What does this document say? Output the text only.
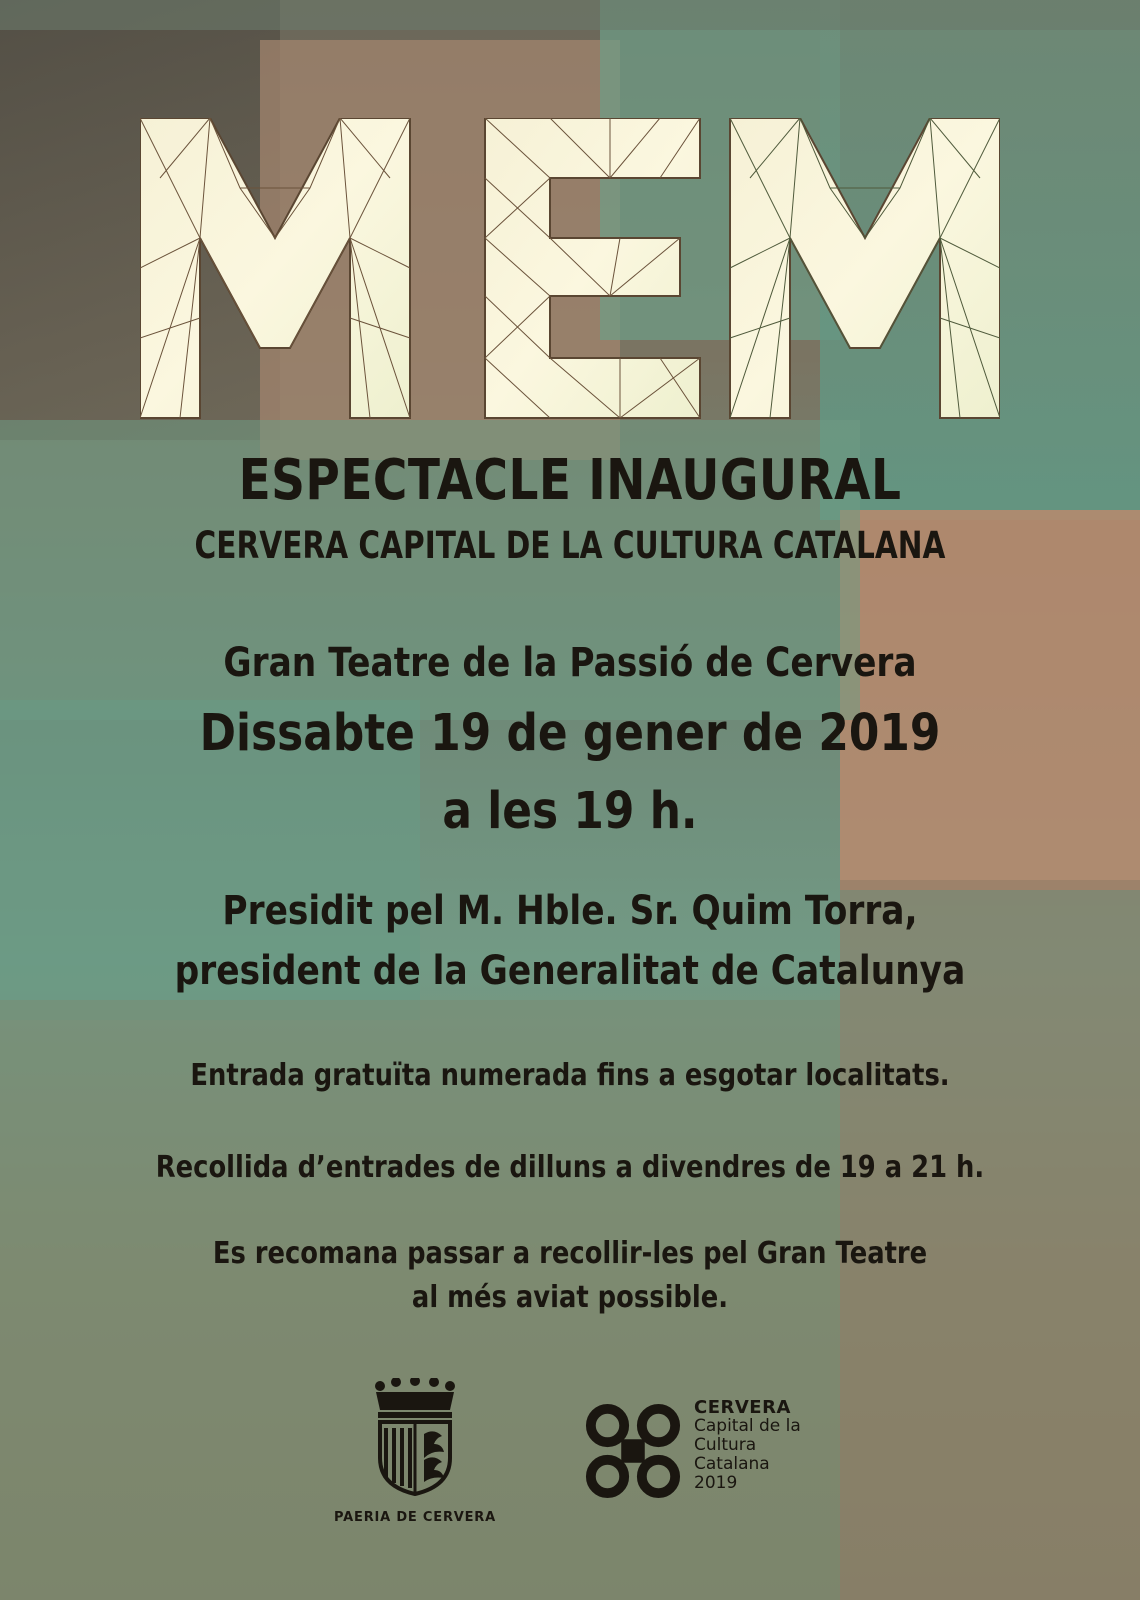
ESPECTACLE INAUGURAL
CERVERA CAPITAL DE LA CULTURA CATALANA
Gran Teatre de la Passió de Cervera
Dissabte 19 de gener de 2019
a les 19 h.
Presidit pel M. Hble. Sr. Quim Torra,
president de la Generalitat de Catalunya
Entrada gratuïta numerada fins a esgotar localitats.
Recollida d’entrades de dilluns a divendres de 19 a 21 h.
Es recomana passar a recollir-les pel Gran Teatre
al més aviat possible.
PAERIA DE CERVERA
CERVERA
Capital de la
Cultura
Catalana
2019
